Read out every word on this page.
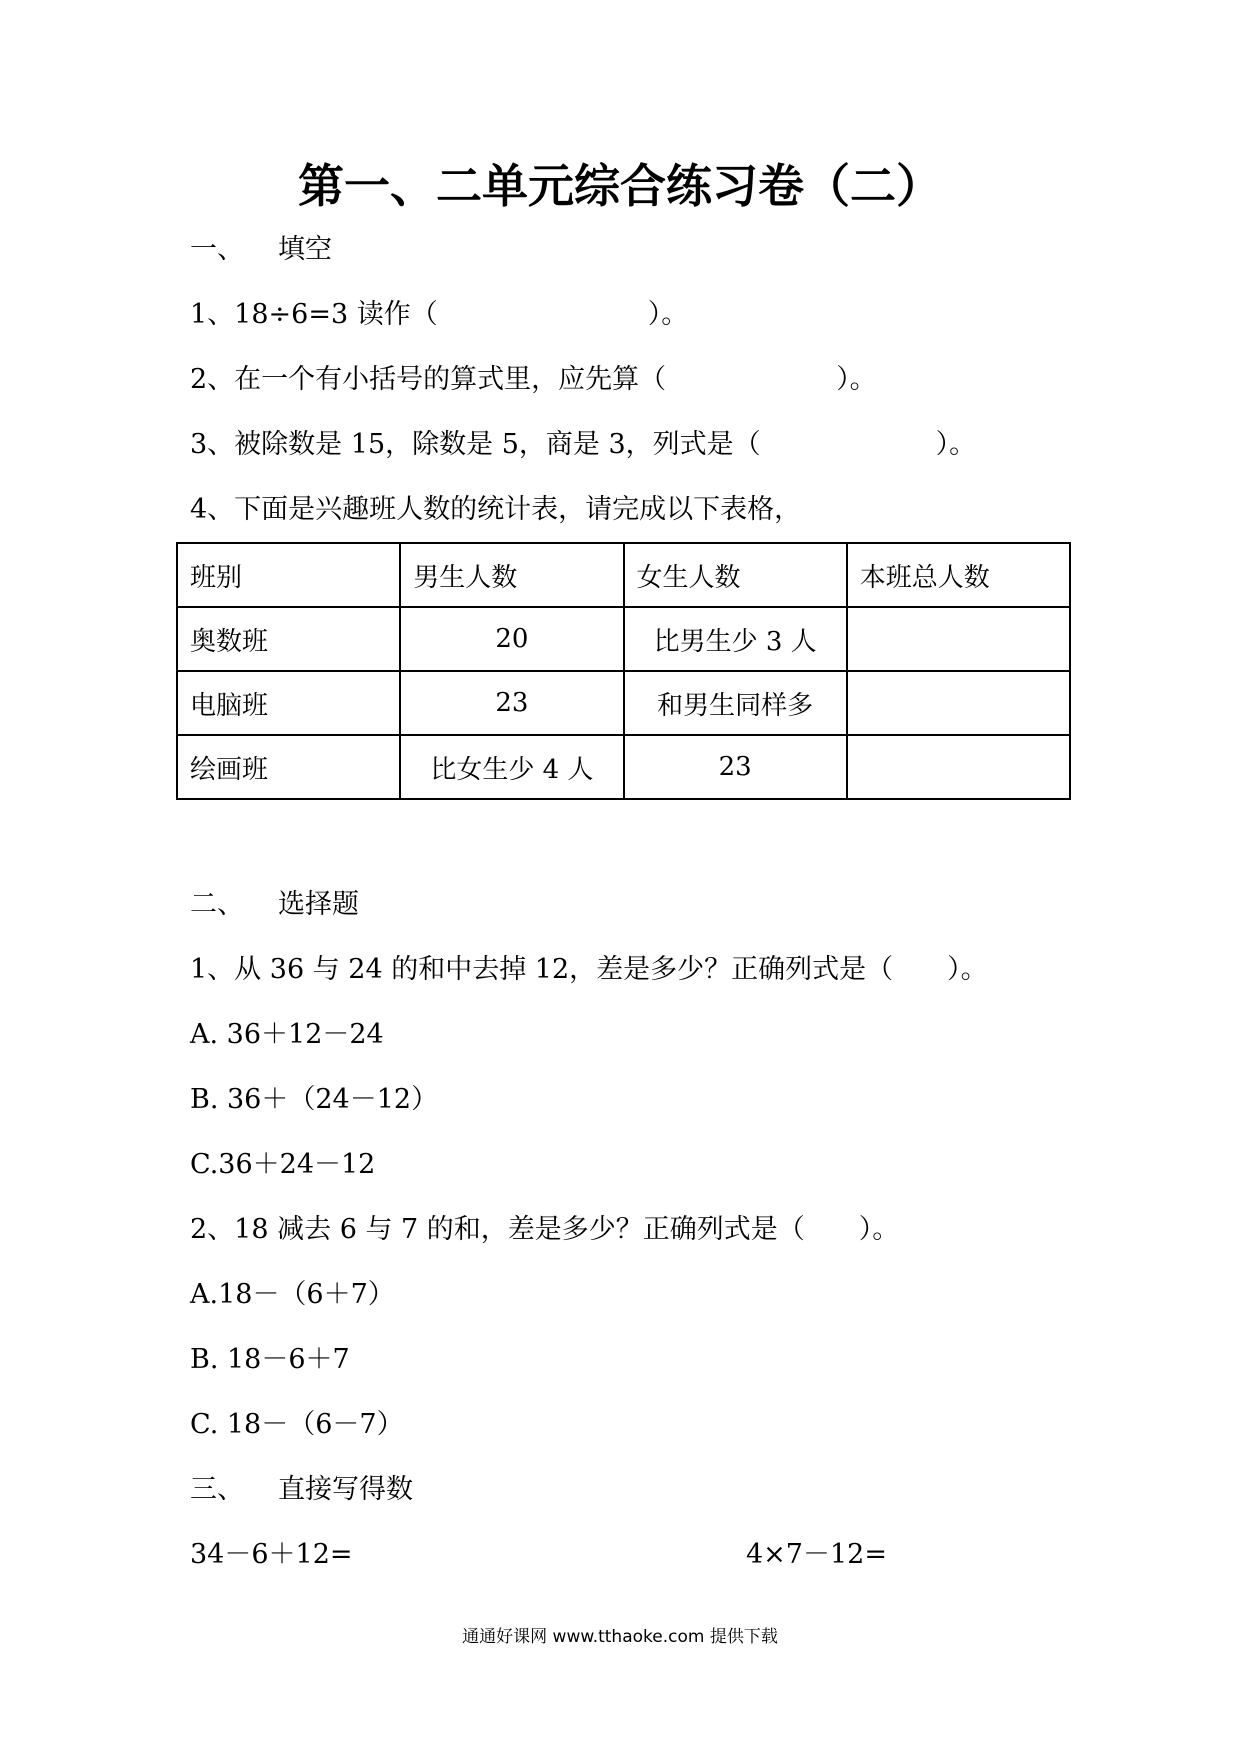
第一、二单元综合练习卷（二）
一、 填空
1、18÷6=3 读作（	）。
2、在一个有小括号的算式里，应先算（	）。
3、被除数是 15，除数是 5，商是 3，列式是（	）。
4、下面是兴趣班人数的统计表，请完成以下表格，
班别	男生人数	女生人数	本班总人数
奥数班	20	比男生少 3 人	
电脑班	23	和男生同样多	
绘画班	比女生少 4 人	23	
二、 选择题
1、从 36 与 24 的和中去掉 12，差是多少？正确列式是（　　）。
A. 36＋12－24
B. 36＋（24－12）
C.36＋24－12
2、18 减去 6 与 7 的和，差是多少？正确列式是（　　）。
A.18－（6＋7）
B. 18－6＋7
C. 18－（6－7）
三、 直接写得数
34－6＋12=	4×7－12=
通通好课网 www.tthaoke.com 提供下载
